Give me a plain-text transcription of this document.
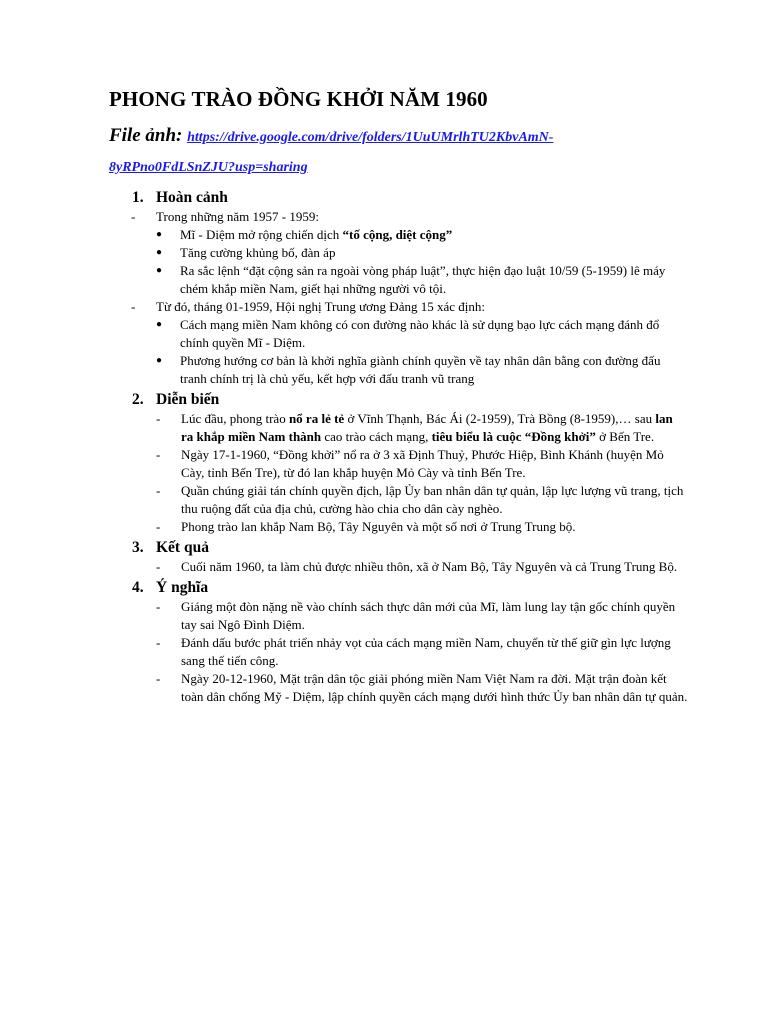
PHONG TRÀO ĐỒNG KHỞI NĂM 1960
File ảnh: https://drive.google.com/drive/folders/1UuUMrlhTU2KbvAmN-
8yRPno0FdLSnZJU?usp=sharing
1. Hoàn cảnh
-	Trong những năm 1957 - 1959:
●	Mĩ - Diệm mở rộng chiến dịch “tố cộng, diệt cộng”
●	Tăng cường khủng bố, đàn áp
●	Ra sắc lệnh “đặt cộng sản ra ngoài vòng pháp luật”, thực hiện đạo luật 10/59 (5-1959) lê máy chém khắp miền Nam, giết hại những người vô tội.
-	Từ đó, tháng 01-1959, Hội nghị Trung ương Đảng 15 xác định:
●	Cách mạng miền Nam không có con đường nào khác là sử dụng bạo lực cách mạng đánh đổ chính quyền Mĩ - Diệm.
●	Phương hướng cơ bản là khởi nghĩa giành chính quyền về tay nhân dân bằng con đường đấu tranh chính trị là chủ yếu, kết hợp với đấu tranh vũ trang
2. Diễn biến
-	Lúc đầu, phong trào nổ ra lẻ tẻ ở Vĩnh Thạnh, Bác Ái (2-1959), Trà Bồng (8-1959),… sau lan ra khắp miền Nam thành cao trào cách mạng, tiêu biểu là cuộc “Đồng khởi” ở Bến Tre.
-	Ngày 17-1-1960, “Đồng khởi” nổ ra ở 3 xã Định Thuỷ, Phước Hiệp, Bình Khánh (huyện Mỏ Cày, tỉnh Bến Tre), từ đó lan khắp huyện Mỏ Cày và tỉnh Bến Tre.
-	Quần chúng giải tán chính quyền địch, lập Ủy ban nhân dân tự quản, lập lực lượng vũ trang, tịch thu ruộng đất của địa chủ, cường hào chia cho dân cày nghèo.
-	Phong trào lan khắp Nam Bộ, Tây Nguyên và một số nơi ở Trung Trung bộ.
3. Kết quả
-	Cuối năm 1960, ta làm chủ được nhiều thôn, xã ở Nam Bộ, Tây Nguyên và cả Trung Trung Bộ.
4. Ý nghĩa
-	Giáng một đòn nặng nề vào chính sách thực dân mới của Mĩ, làm lung lay tận gốc chính quyền tay sai Ngô Đình Diệm.
-	Đánh dấu bước phát triển nhảy vọt của cách mạng miền Nam, chuyển từ thế giữ gìn lực lượng sang thế tiến công.
-	Ngày 20-12-1960, Mặt trận dân tộc giải phóng miền Nam Việt Nam ra đời. Mặt trận đoàn kết toàn dân chống Mỹ - Diệm, lập chính quyền cách mạng dưới hình thức Ủy ban nhân dân tự quản.
